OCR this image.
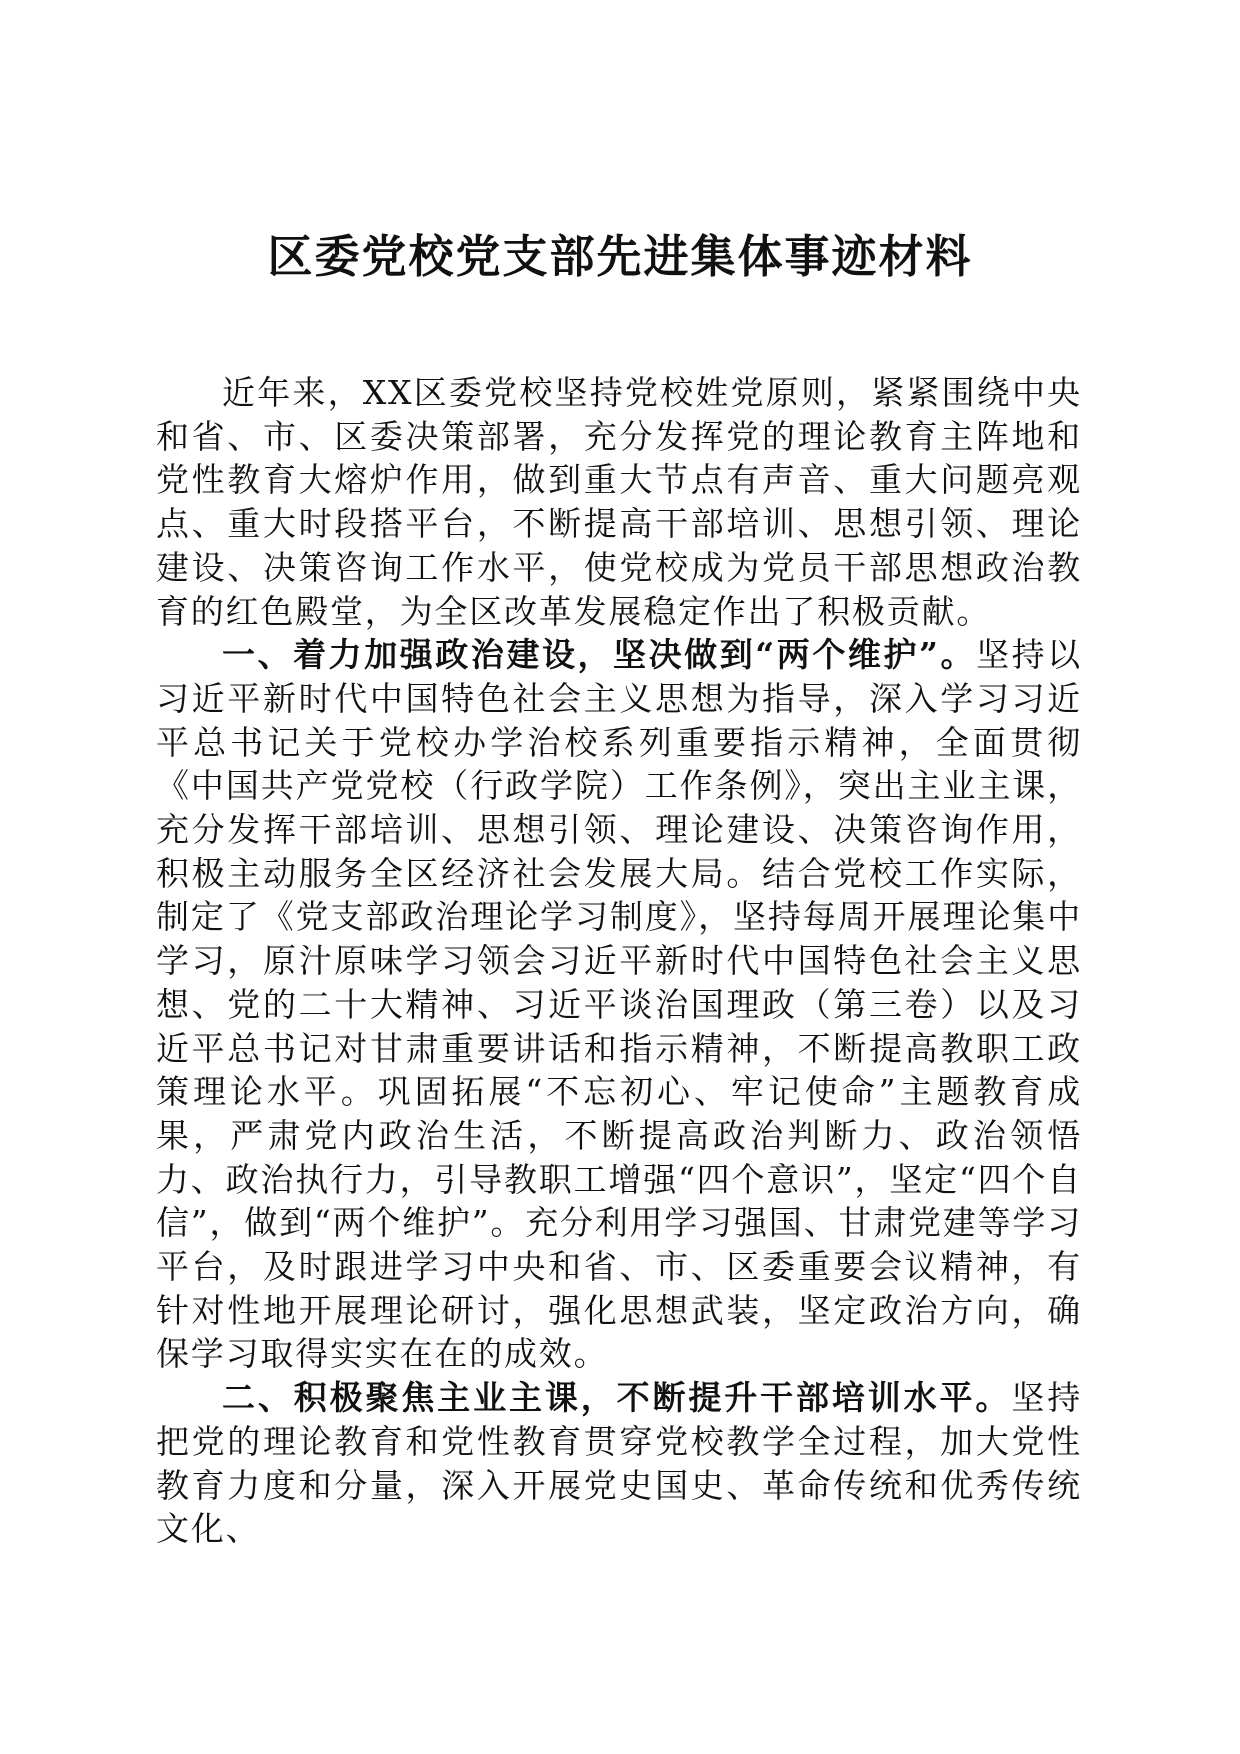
区委党校党支部先进集体事迹材料

近年来，XX区委党校坚持党校姓党原则，紧紧围绕中央和省、市、区委决策部署，充分发挥党的理论教育主阵地和党性教育大熔炉作用，做到重大节点有声音、重大问题亮观点、重大时段搭平台，不断提高干部培训、思想引领、理论建设、决策咨询工作水平，使党校成为党员干部思想政治教育的红色殿堂，为全区改革发展稳定作出了积极贡献。

一、着力加强政治建设，坚决做到“两个维护”。坚持以习近平新时代中国特色社会主义思想为指导，深入学习习近平总书记关于党校办学治校系列重要指示精神，全面贯彻《中国共产党党校（行政学院）工作条例》，突出主业主课，充分发挥干部培训、思想引领、理论建设、决策咨询作用，积极主动服务全区经济社会发展大局。结合党校工作实际，制定了《党支部政治理论学习制度》，坚持每周开展理论集中学习，原汁原味学习领会习近平新时代中国特色社会主义思想、党的二十大精神、习近平谈治国理政（第三卷）以及习近平总书记对甘肃重要讲话和指示精神，不断提高教职工政策理论水平。巩固拓展“不忘初心、牢记使命”主题教育成果，严肃党内政治生活，不断提高政治判断力、政治领悟力、政治执行力，引导教职工增强“四个意识”，坚定“四个自信”，做到“两个维护”。充分利用学习强国、甘肃党建等学习平台，及时跟进学习中央和省、市、区委重要会议精神，有针对性地开展理论研讨，强化思想武装，坚定政治方向，确保学习取得实实在在的成效。

二、积极聚焦主业主课，不断提升干部培训水平。坚持把党的理论教育和党性教育贯穿党校教学全过程，加大党性教育力度和分量，深入开展党史国史、革命传统和优秀传统文化、
